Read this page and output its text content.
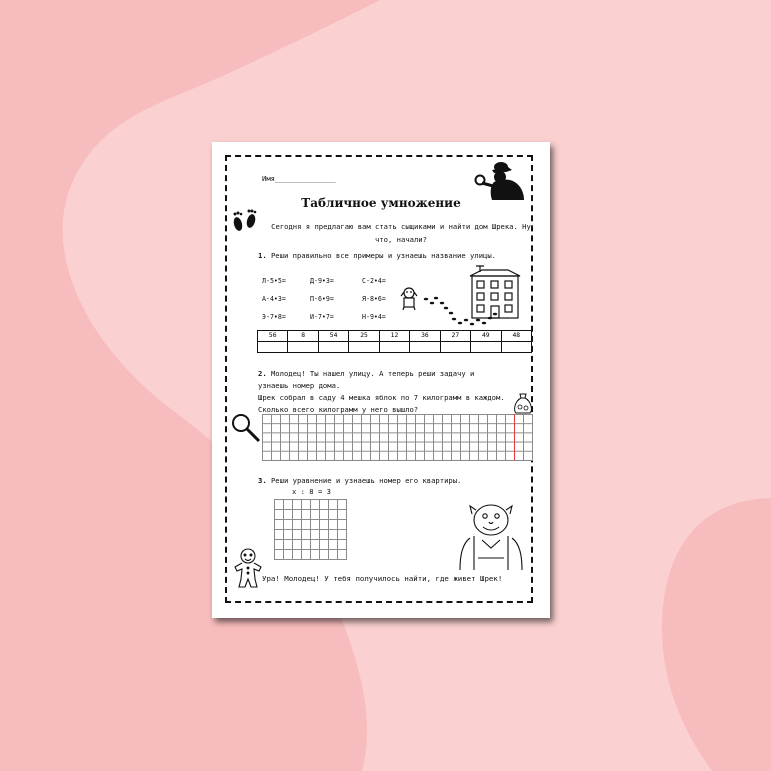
Имя______________
Табличное умножение
Сегодня я предлагаю вам стать сыщиками и найти дом Шрека. Ну что, начали?
1. Реши правильно все примеры и узнаешь название улицы.
Л-5•5=	Д-9•3=	С-2•4=
А-4•3=	П-6•9=	Я-8•6=
Э-7•8=	И-7•7=	Н-9•4=
56	8	54	25	12	36	27	49	48

2. Молодец! Ты нашел улицу. А теперь реши задачу и узнаешь номер дома.
Шрек собрал в саду 4 мешка яблок по 7 килограмм в каждом. Сколько всего килограмм у него вышло?
3. Реши уравнение и узнаешь номер его квартиры.
x : 8 = 3
Ура! Молодец! У тебя получилось найти, где живет Шрек!
